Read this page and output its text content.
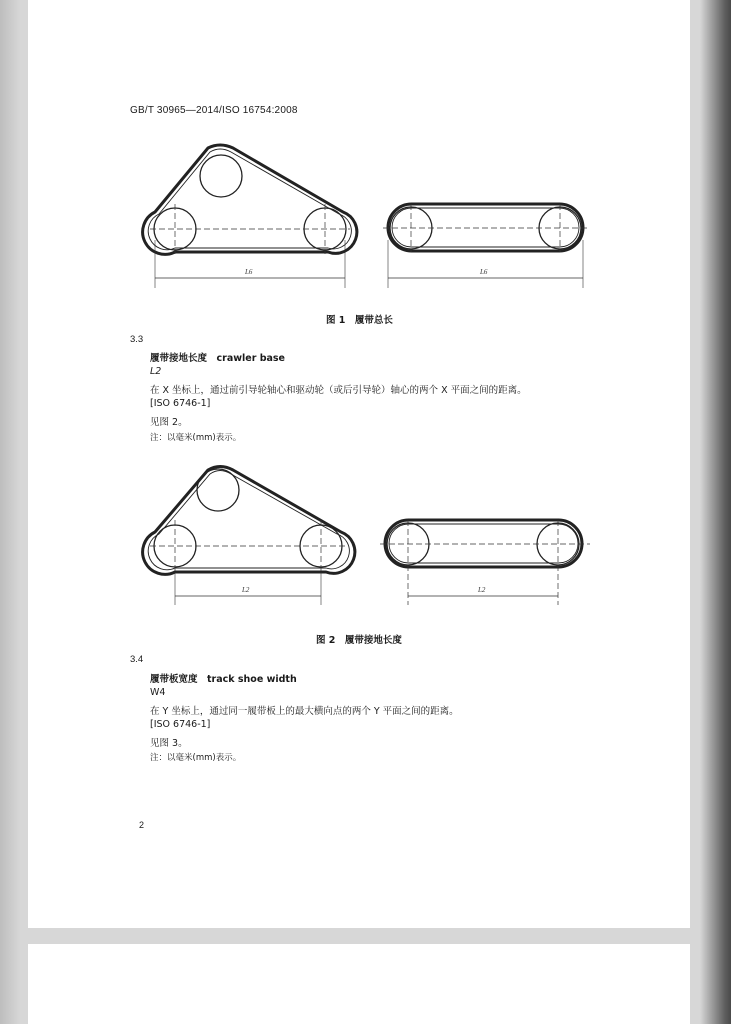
GB/T 30965—2014/ISO 16754:2008
L6	L6
图 1　履带总长
3.3
履带接地长度　crawler base
L2
在 X 坐标上，通过前引导轮轴心和驱动轮（或后引导轮）轴心的两个 X 平面之间的距离。
[ISO 6746-1]
见图 2。
注：以毫米(mm)表示。
L2	L2
图 2　履带接地长度
3.4
履带板宽度　track shoe width
W4
在 Y 坐标上，通过同一履带板上的最大横向点的两个 Y 平面之间的距离。
[ISO 6746-1]
见图 3。
注：以毫米(mm)表示。
2
